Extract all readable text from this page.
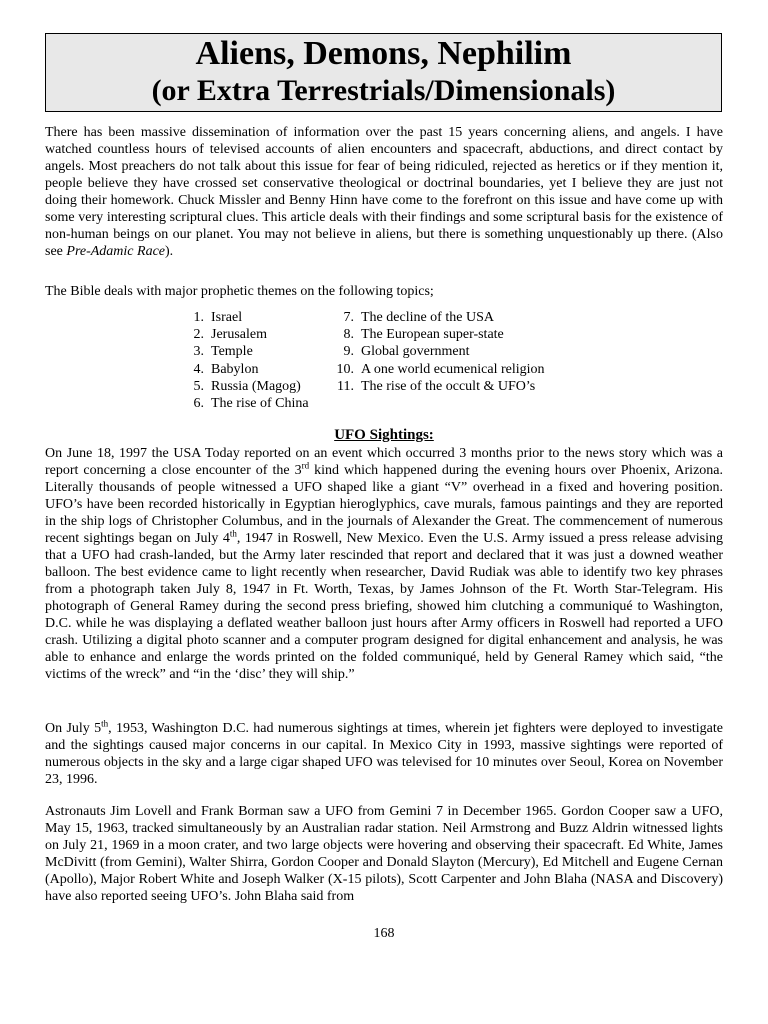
Aliens, Demons, Nephilim
(or Extra Terrestrials/Dimensionals)

There has been massive dissemination of information over the past 15 years concerning aliens, and angels. I have watched countless hours of televised accounts of alien encounters and spacecraft, abductions, and direct contact by angels. Most preachers do not talk about this issue for fear of being ridiculed, rejected as heretics or if they mention it, people believe they have crossed set conservative theological or doctrinal boundaries, yet I believe they are just not doing their homework. Chuck Missler and Benny Hinn have come to the forefront on this issue and have come up with some very interesting scriptural clues. This article deals with their findings and some scriptural basis for the existence of non-human beings on our planet. You may not believe in aliens, but there is something unquestionably up there. (Also see Pre-Adamic Race).

The Bible deals with major prophetic themes on the following topics;

1. Israel
2. Jerusalem
3. Temple
4. Babylon
5. Russia (Magog)
6. The rise of China
7. The decline of the USA
8. The European super-state
9. Global government
10. A one world ecumenical religion
11. The rise of the occult & UFO’s
UFO Sightings:

On June 18, 1997 the USA Today reported on an event which occurred 3 months prior to the news story which was a report concerning a close encounter of the 3rd kind which happened during the evening hours over Phoenix, Arizona. Literally thousands of people witnessed a UFO shaped like a giant “V” overhead in a fixed and hovering position. UFO’s have been recorded historically in Egyptian hieroglyphics, cave murals, famous paintings and they are reported in the ship logs of Christopher Columbus, and in the journals of Alexander the Great. The commencement of numerous recent sightings began on July 4th, 1947 in Roswell, New Mexico. Even the U.S. Army issued a press release advising that a UFO had crash-landed, but the Army later rescinded that report and declared that it was just a downed weather balloon. The best evidence came to light recently when researcher, David Rudiak was able to identify two key phrases from a photograph taken July 8, 1947 in Ft. Worth, Texas, by James Johnson of the Ft. Worth Star-Telegram. His photograph of General Ramey during the second press briefing, showed him clutching a communiqué to Washington, D.C. while he was displaying a deflated weather balloon just hours after Army officers in Roswell had reported a UFO crash. Utilizing a digital photo scanner and a computer program designed for digital enhancement and analysis, he was able to enhance and enlarge the words printed on the folded communiqué, held by General Ramey which said, “the victims of the wreck” and “in the ‘disc’ they will ship.”

On July 5th, 1953, Washington D.C. had numerous sightings at times, wherein jet fighters were deployed to investigate and the sightings caused major concerns in our capital. In Mexico City in 1993, massive sightings were reported of numerous objects in the sky and a large cigar shaped UFO was televised for 10 minutes over Seoul, Korea on November 23, 1996.

Astronauts Jim Lovell and Frank Borman saw a UFO from Gemini 7 in December 1965. Gordon Cooper saw a UFO, May 15, 1963, tracked simultaneously by an Australian radar station. Neil Armstrong and Buzz Aldrin witnessed lights on July 21, 1969 in a moon crater, and two large objects were hovering and observing their spacecraft. Ed White, James McDivitt (from Gemini), Walter Shirra, Gordon Cooper and Donald Slayton (Mercury), Ed Mitchell and Eugene Cernan (Apollo), Major Robert White and Joseph Walker (X-15 pilots), Scott Carpenter and John Blaha (NASA and Discovery) have also reported seeing UFO’s. John Blaha said from

168
